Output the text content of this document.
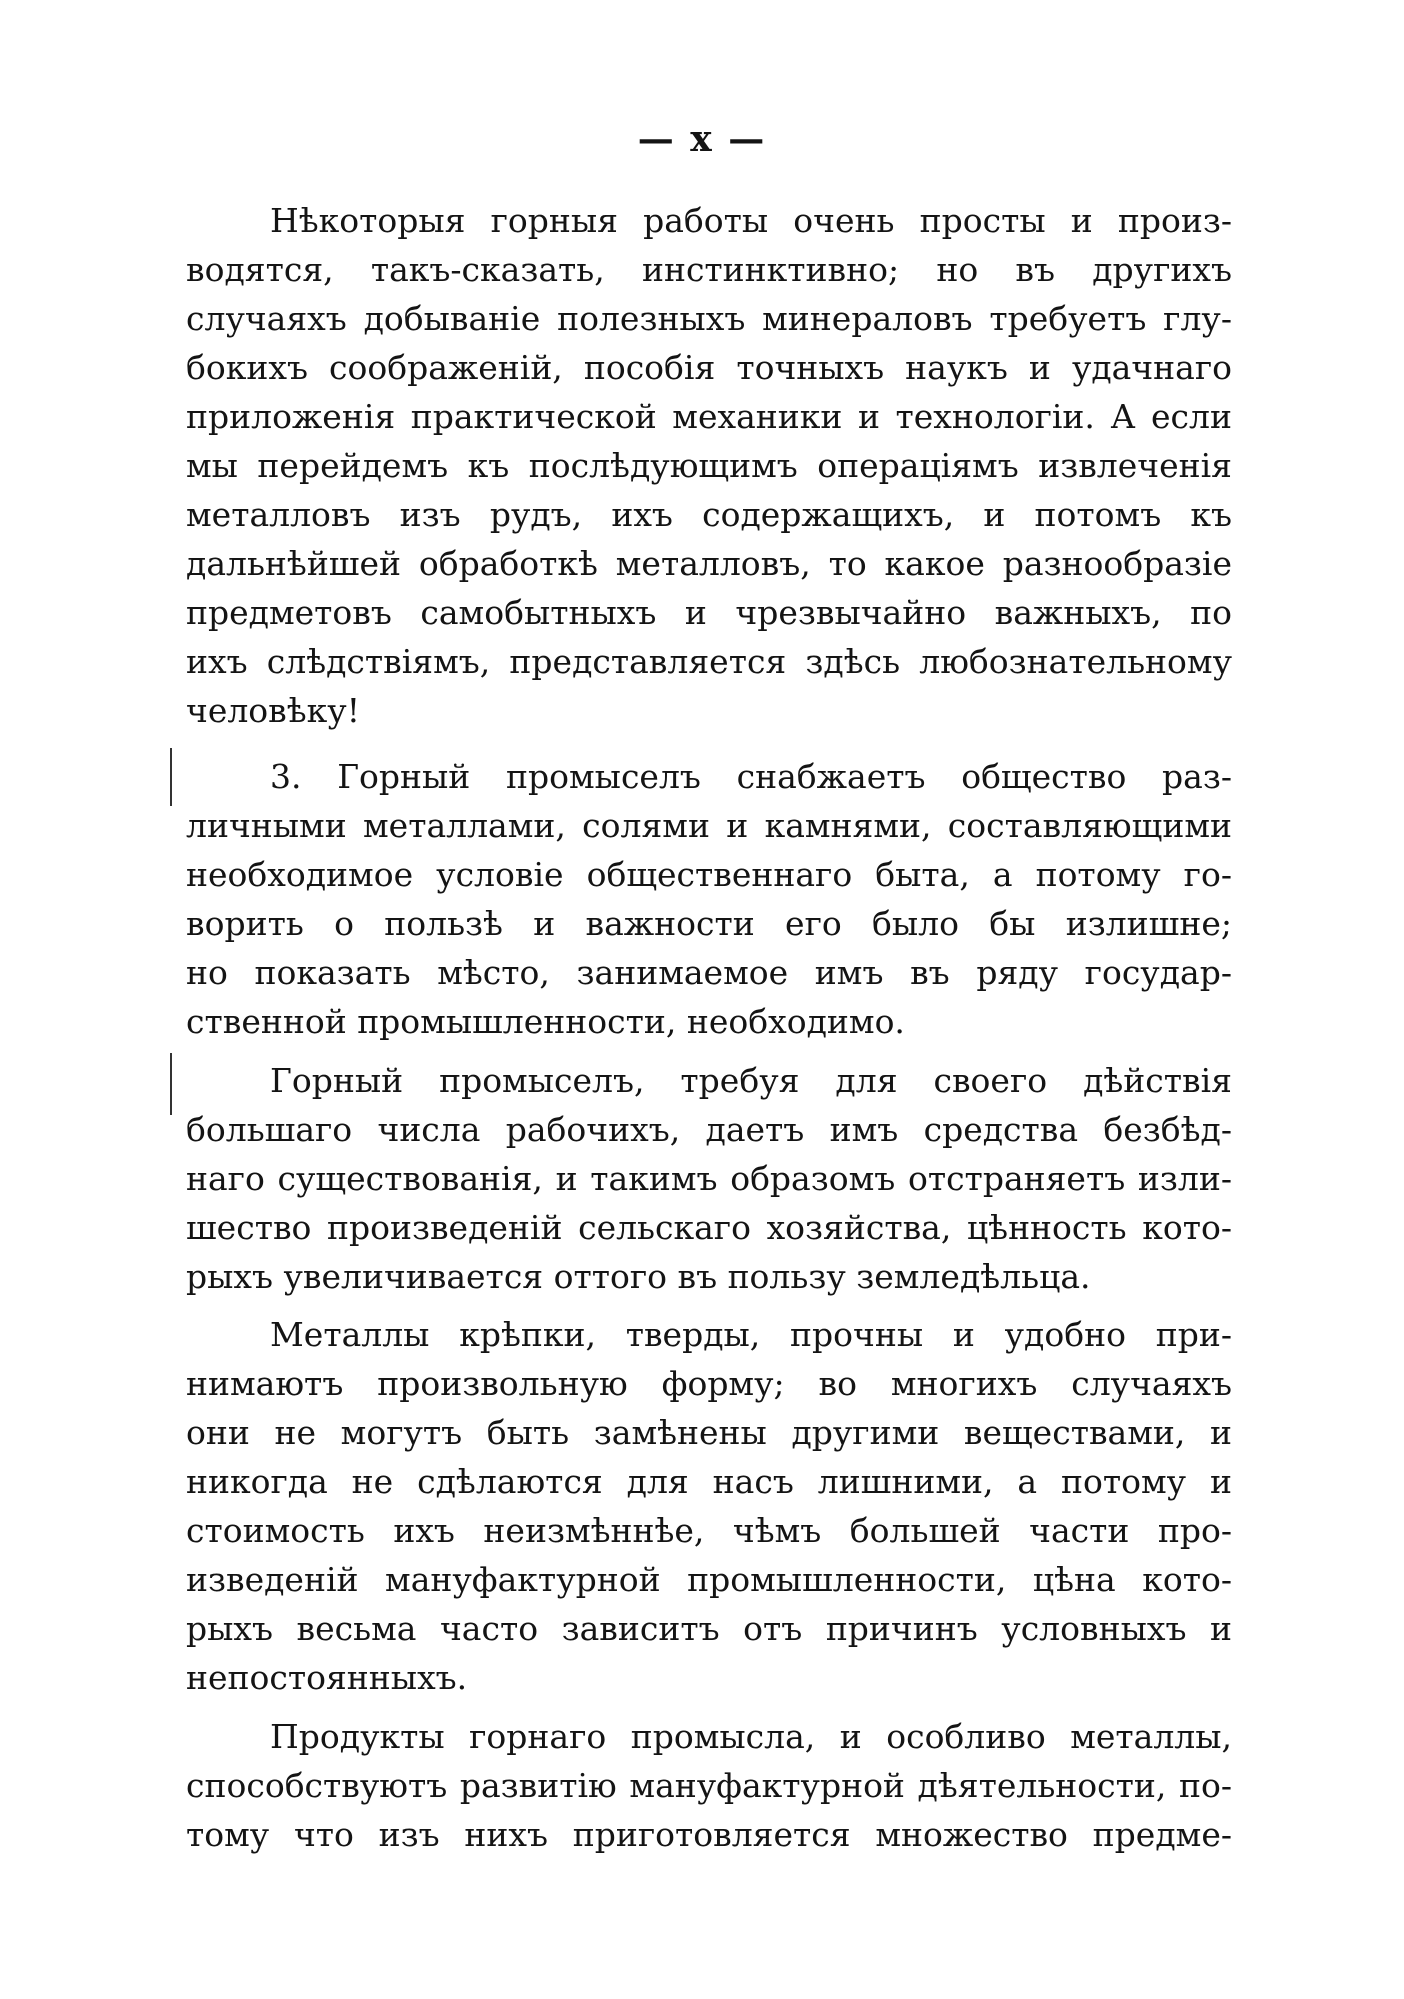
— x —
Нѣкоторыя горныя работы очень просты и произ-
водятся, такъ-сказать, инстинктивно; но въ другихъ
случаяхъ добываніе полезныхъ минераловъ требуетъ глу-
бокихъ соображеній, пособія точныхъ наукъ и удачнаго
приложенія практической механики и технологіи. А если
мы перейдемъ къ послѣдующимъ операціямъ извлеченія
металловъ изъ рудъ, ихъ содержащихъ, и потомъ къ
дальнѣйшей обработкѣ металловъ, то какое разнообразіе
предметовъ самобытныхъ и чрезвычайно важныхъ, по
ихъ слѣдствіямъ, представляется здѣсь любознательному
человѣку!
3. Горный промыселъ снабжаетъ общество раз-
личными металлами, солями и камнями, составляющими
необходимое условіе общественнаго быта, а потому го-
ворить о пользѣ и важности его было бы излишне;
но показать мѣсто, занимаемое имъ въ ряду государ-
ственной промышленности, необходимо.
Горный промыселъ, требуя для своего дѣйствія
большаго числа рабочихъ, даетъ имъ средства безбѣд-
наго существованія, и такимъ образомъ отстраняетъ изли-
шество произведеній сельскаго хозяйства, цѣнность кото-
рыхъ увеличивается оттого въ пользу земледѣльца.
Металлы крѣпки, тверды, прочны и удобно при-
нимаютъ произвольную форму; во многихъ случаяхъ
они не могутъ быть замѣнены другими веществами, и
никогда не сдѣлаются для насъ лишними, а потому и
стоимость ихъ неизмѣннѣе, чѣмъ большей части про-
изведеній мануфактурной промышленности, цѣна кото-
рыхъ весьма часто зависитъ отъ причинъ условныхъ и
непостоянныхъ.
Продукты горнаго промысла, и особливо металлы,
способствуютъ развитію мануфактурной дѣятельности, по-
тому что изъ нихъ приготовляется множество предме-
